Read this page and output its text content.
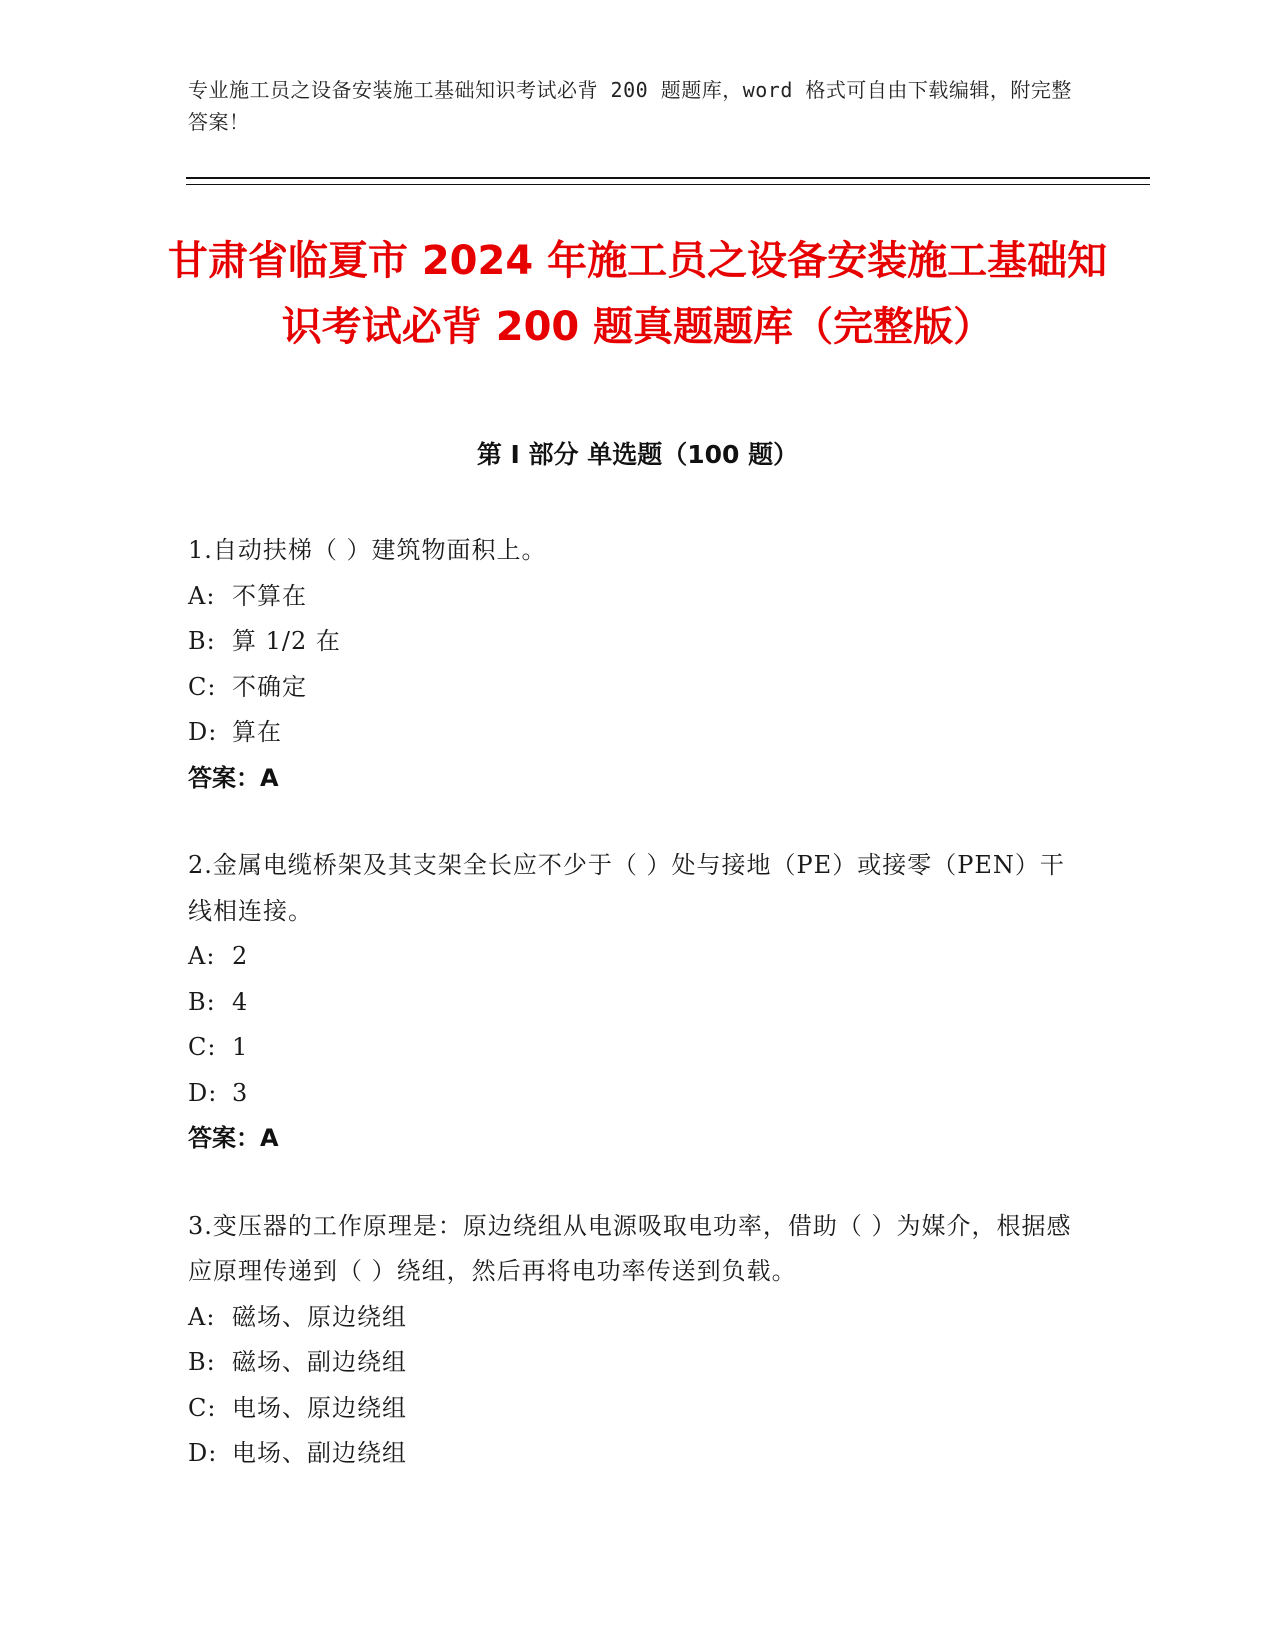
专业施工员之设备安装施工基础知识考试必背 200 题题库，word 格式可自由下载编辑，附完整答案！
甘肃省临夏市 2024 年施工员之设备安装施工基础知识考试必背 200 题真题题库（完整版）
第 I 部分 单选题（100 题）
1.自动扶梯（ ）建筑物面积上。
A: 不算在
B: 算 1/2 在
C: 不确定
D: 算在
答案：A
2.金属电缆桥架及其支架全长应不少于（ ）处与接地（PE）或接零（PEN）干线相连接。
A: 2
B: 4
C: 1
D: 3
答案：A
3.变压器的工作原理是：原边绕组从电源吸取电功率，借助（ ）为媒介，根据感应原理传递到（ ）绕组，然后再将电功率传送到负载。
A: 磁场、原边绕组
B: 磁场、副边绕组
C: 电场、原边绕组
D: 电场、副边绕组
